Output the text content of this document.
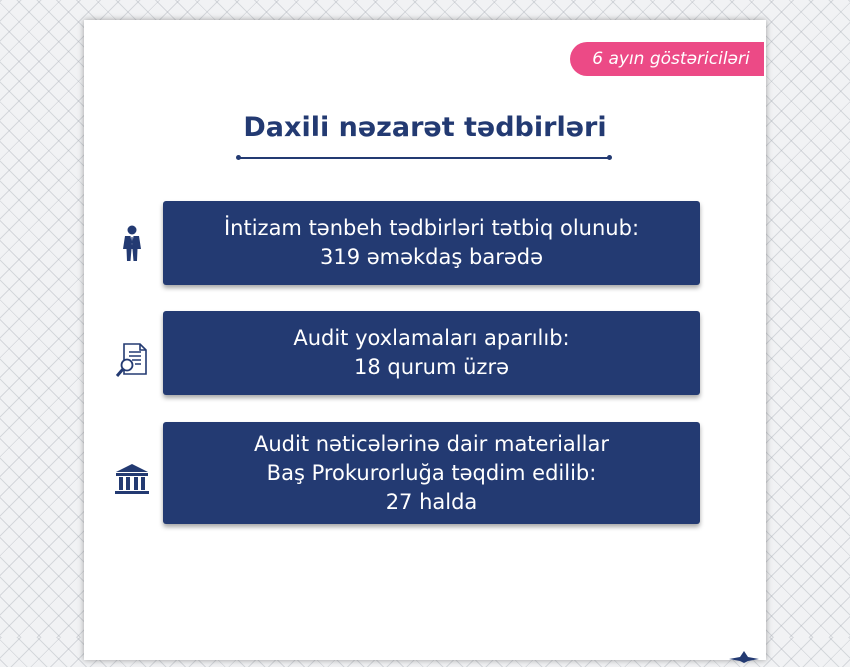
6 ayın göstəriciləri
Daxili nəzarət tədbirləri
İntizam tənbeh tədbirləri tətbiq olunub:
319 əməkdaş barədə
Audit yoxlamaları aparılıb:
18 qurum üzrə
Audit nəticələrinə dair materiallar
Baş Prokurorluğa təqdim edilib:
27 halda
